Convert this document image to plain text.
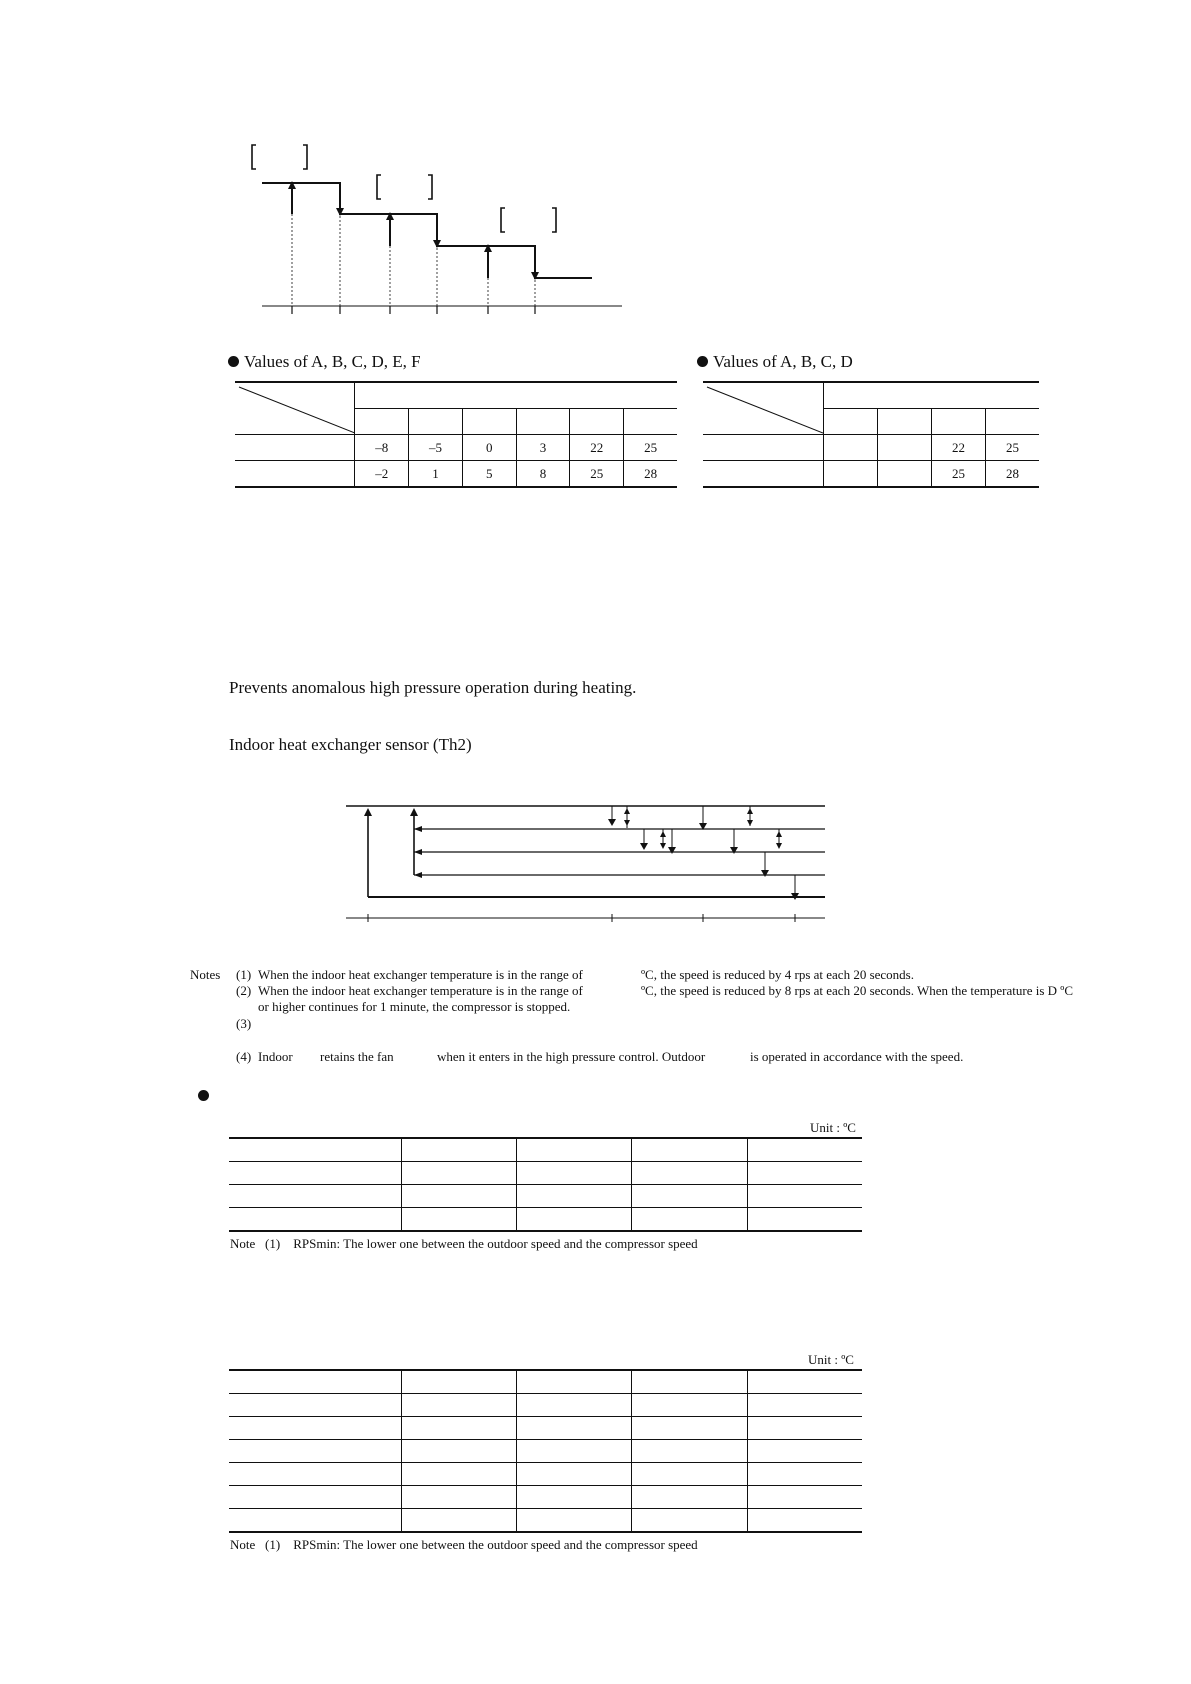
Values of A, B, C, D, E, F

	–8	–5	0	3	22	25
	–2	1	5	8	25	28
Values of A, B, C, D

			22	25
			25	28
Prevents anomalous high pressure operation during heating.
Indoor heat exchanger sensor (Th2)
Notes (1) When the indoor heat exchanger temperature is in the range of	ºC, the speed is reduced by 4 rps at each 20 seconds.
(2) When the indoor heat exchanger temperature is in the range of	ºC, the speed is reduced by 8 rps at each 20 seconds. When the temperature is D ºC
or higher continues for 1 minute, the compressor is stopped.
(3)
(4) Indoor retains the fan	when it enters in the high pressure control. Outdoor	is operated in accordance with the speed.
Unit : ºC

Note (1) RPSmin: The lower one between the outdoor speed and the compressor speed
Unit : ºC

Note (1) RPSmin: The lower one between the outdoor speed and the compressor speed
